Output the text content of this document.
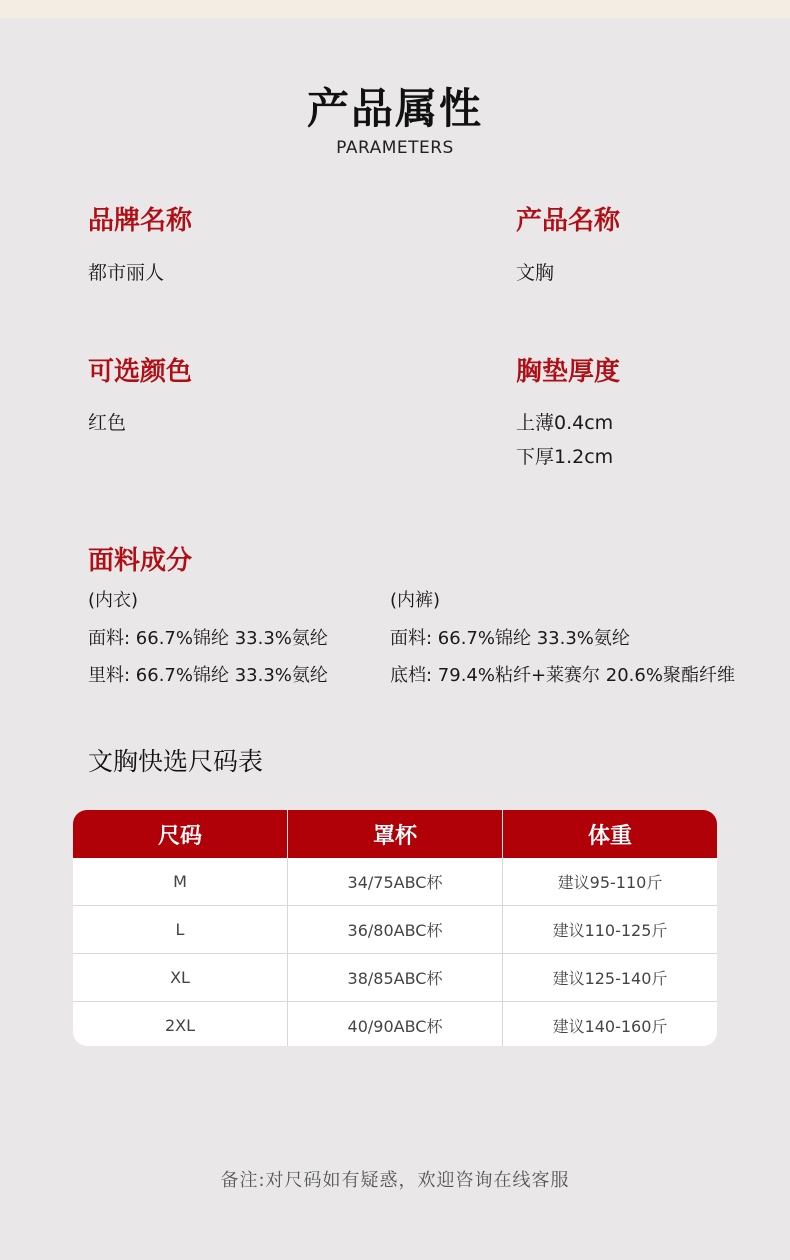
产品属性
PARAMETERS
品牌名称
都市丽人
产品名称
文胸
可选颜色
红色
胸垫厚度
上薄0.4cm
下厚1.2cm
面料成分
(内衣)
面料: 66.7%锦纶 33.3%氨纶
里料: 66.7%锦纶 33.3%氨纶
(内裤)
面料: 66.7%锦纶 33.3%氨纶
底档: 79.4%粘纤+莱赛尔 20.6%聚酯纤维
文胸快选尺码表
尺码	罩杯	体重
M	34/75ABC杯	建议95-110斤
L	36/80ABC杯	建议110-125斤
XL	38/85ABC杯	建议125-140斤
2XL	40/90ABC杯	建议140-160斤
备注:对尺码如有疑惑，欢迎咨询在线客服
